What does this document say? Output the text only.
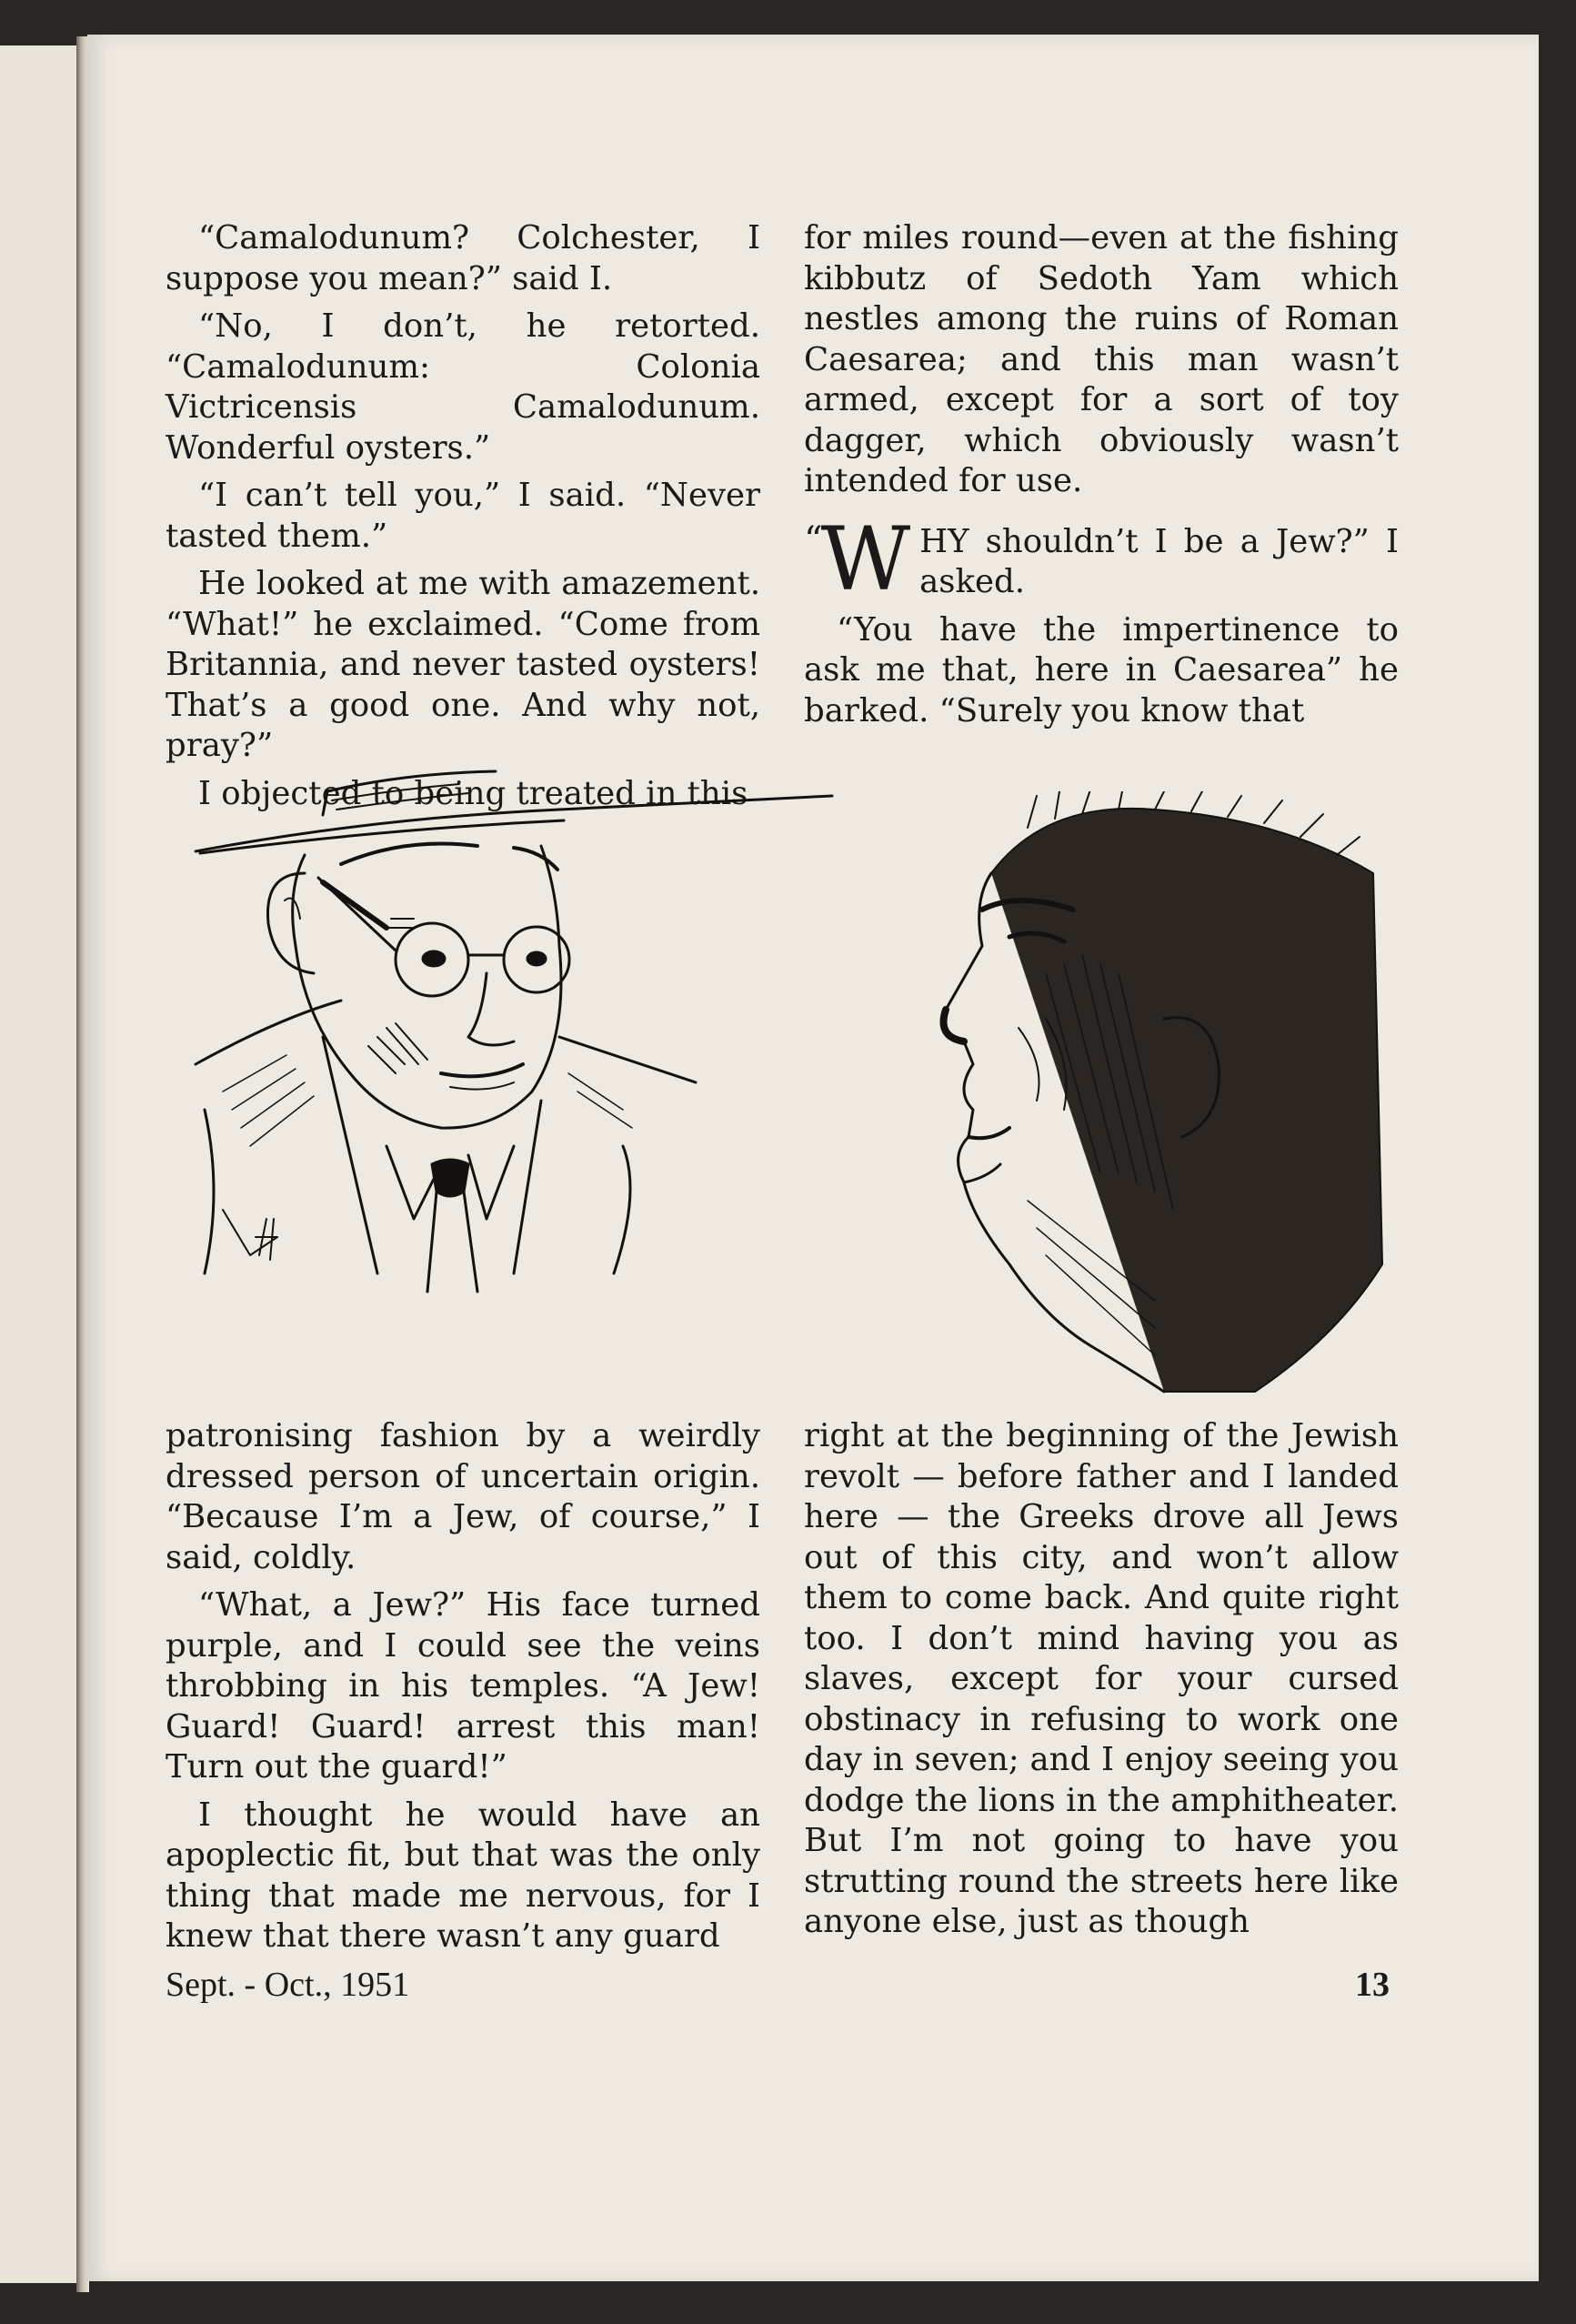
“Camalodunum? Colchester, I suppose you mean?” said I.

“No, I don’t, he retorted. “Camalodunum: Colonia Victricensis Camalodunum. Wonderful oysters.”

“I can’t tell you,” I said. “Never tasted them.”

He looked at me with amazement. “What!” he exclaimed. “Come from Britannia, and never tasted oysters! That’s a good one. And why not, pray?”

I objected to being treated in this

for miles round—even at the fishing kibbutz of Sedoth Yam which nestles among the ruins of Roman Caesarea; and this man wasn’t armed, except for a sort of toy dagger, which obviously wasn’t intended for use.

“
W HY shouldn’t I be a Jew?” I asked.

“You have the impertinence to ask me that, here in Caesarea” he barked. “Surely you know that

patronising fashion by a weirdly dressed person of uncertain origin. “Because I’m a Jew, of course,” I said, coldly.

“What, a Jew?” His face turned purple, and I could see the veins throbbing in his temples. “A Jew! Guard! Guard! arrest this man! Turn out the guard!”

I thought he would have an apoplectic fit, but that was the only thing that made me nervous, for I knew that there wasn’t any guard

right at the beginning of the Jewish revolt — before father and I landed here — the Greeks drove all Jews out of this city, and won’t allow them to come back. And quite right too. I don’t mind having you as slaves, except for your cursed obstinacy in refusing to work one day in seven; and I enjoy seeing you dodge the lions in the amphitheater. But I’m not going to have you strutting round the streets here like anyone else, just as though

Sept. - Oct., 1951	13
